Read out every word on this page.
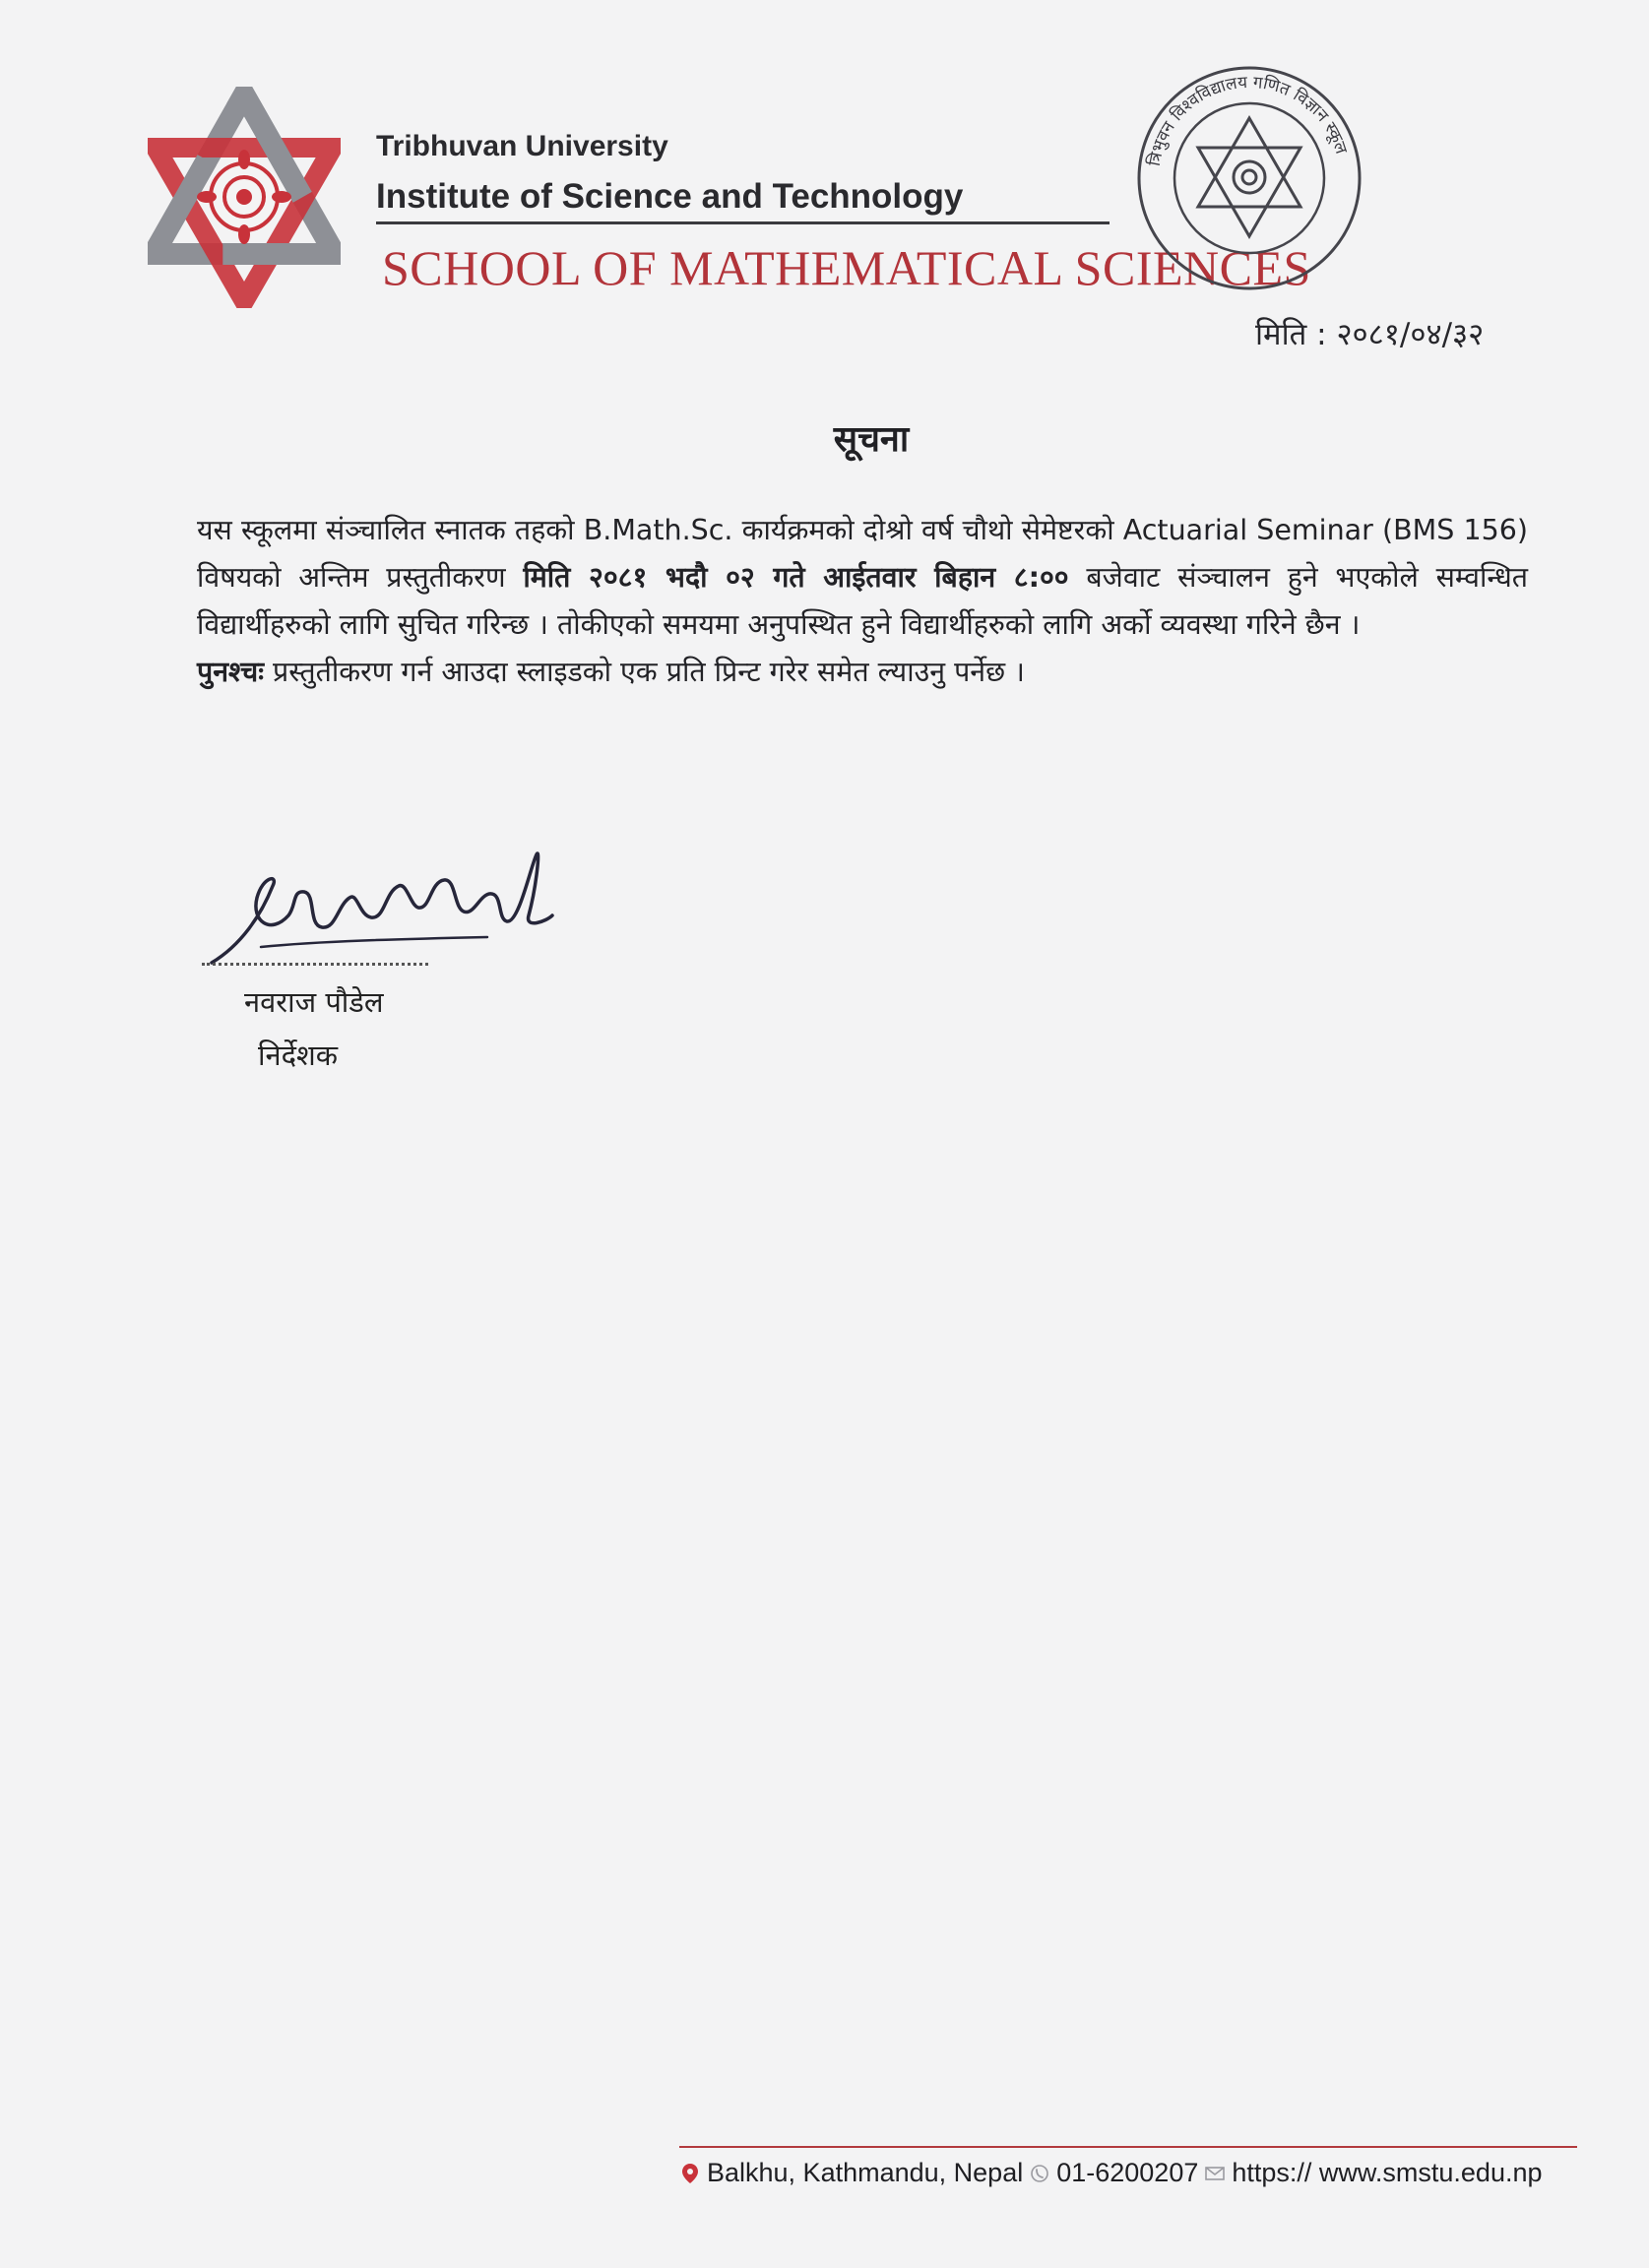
Tribhuvan University
Institute of Science and Technology
SCHOOL OF MATHEMATICAL SCIENCES
त्रिभुवन विश्वविद्यालय गणित विज्ञान स्कूल
मिति : २०८१/०४/३२
सूचना

यस स्कूलमा संञ्चालित स्नातक तहको B.Math.Sc. कार्यक्रमको दोश्रो वर्ष चौथो सेमेष्टरको Actuarial Seminar (BMS 156) विषयको अन्तिम प्रस्तुतीकरण मिति २०८१ भदौ ०२ गते आईतवार बिहान ८:०० बजेवाट संञ्चालन हुने भएकोले सम्वन्धित विद्यार्थीहरुको लागि सुचित गरिन्छ । तोकीएको समयमा अनुपस्थित हुने विद्यार्थीहरुको लागि अर्को व्यवस्था गरिने छैन ।

पुनश्चः प्रस्तुतीकरण गर्न आउदा स्लाइडको एक प्रति प्रिन्ट गरेर समेत ल्याउनु पर्नेछ ।

नवराज पौडेल
निर्देशक
Balkhu, Kathmandu, Nepal 01-6200207 https:// www.smstu.edu.np
